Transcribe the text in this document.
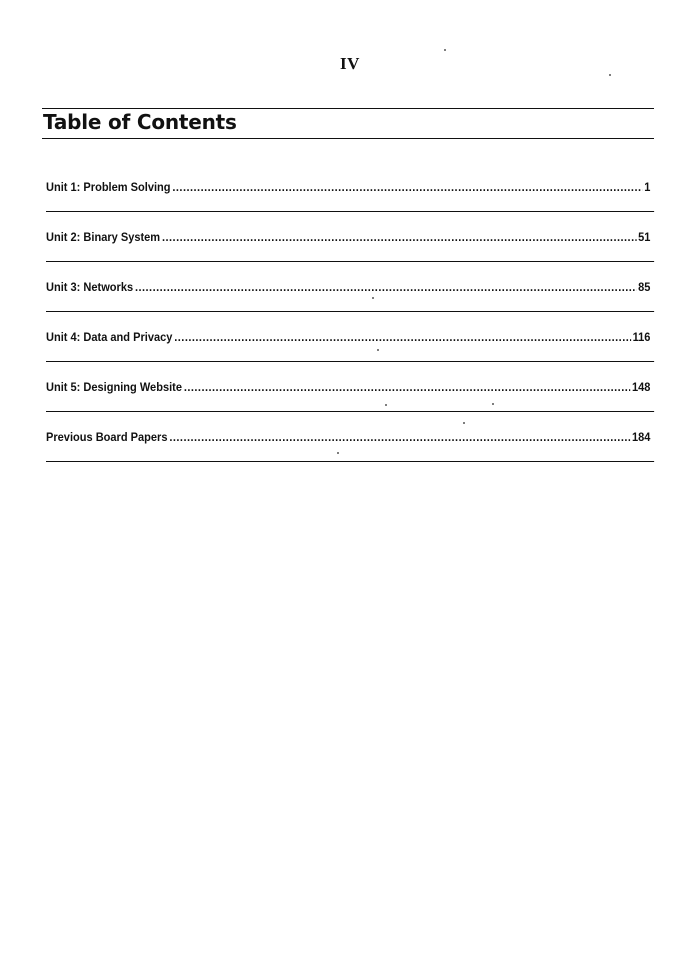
IV
Table of Contents
Unit 1: Problem Solving .....	1
Unit 2: Binary System .....	51
Unit 3: Networks .....	85
Unit 4: Data and Privacy .....	116
Unit 5: Designing Website .....	148
Previous Board Papers .....	184
